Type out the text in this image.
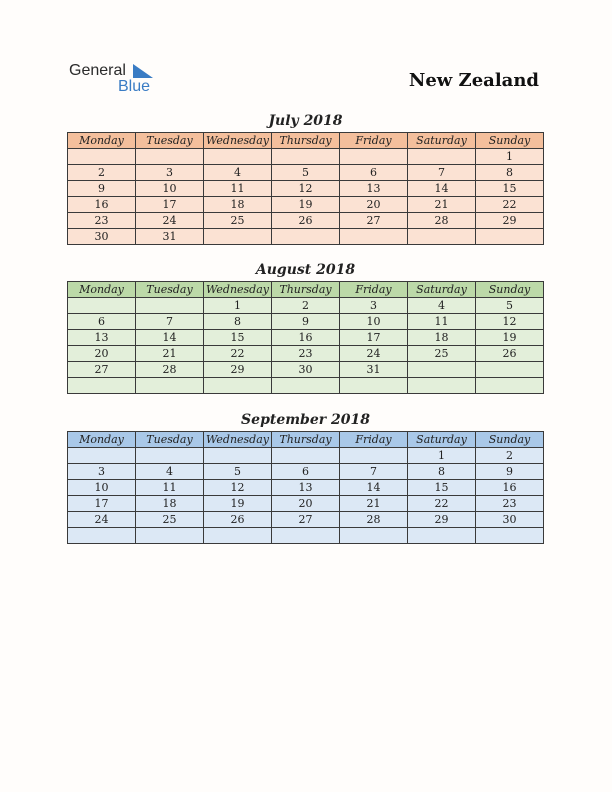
General
Blue	New Zealand
July 2018
Monday	Tuesday	Wednesday	Thursday	Friday	Saturday	Sunday
						1
2	3	4	5	6	7	8
9	10	11	12	13	14	15
16	17	18	19	20	21	22
23	24	25	26	27	28	29
30	31					
August 2018
Monday	Tuesday	Wednesday	Thursday	Friday	Saturday	Sunday
		1	2	3	4	5
6	7	8	9	10	11	12
13	14	15	16	17	18	19
20	21	22	23	24	25	26
27	28	29	30	31		

September 2018
Monday	Tuesday	Wednesday	Thursday	Friday	Saturday	Sunday
					1	2
3	4	5	6	7	8	9
10	11	12	13	14	15	16
17	18	19	20	21	22	23
24	25	26	27	28	29	30
